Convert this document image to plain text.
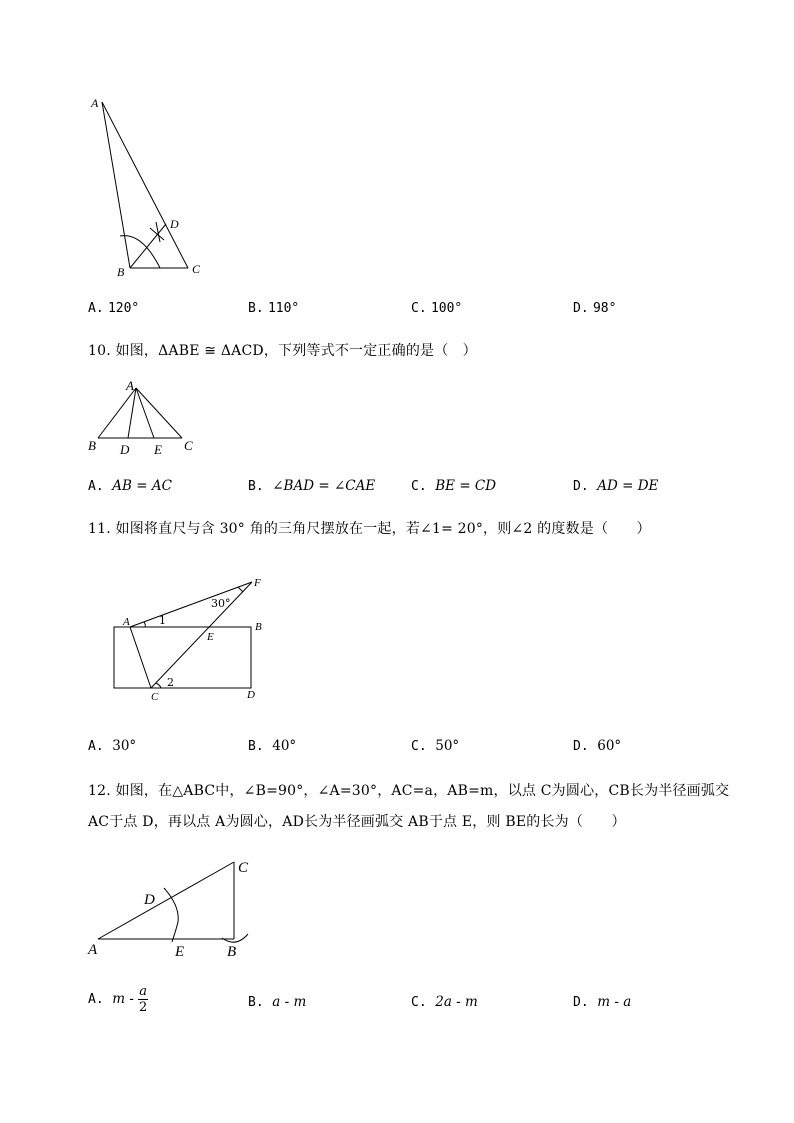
A
B	C
D
A. 120°	B. 110°	C. 100°	D. 98°
10. 如图，ΔABE ≅ ΔACD，下列等式不一定正确的是（　）
A
B	C
D E
A. AB = AC	B. ∠BAD = ∠CAE	C. BE = CD	D. AD = DE
11. 如图将直尺与含 30° 角的三角尺摆放在一起，若∠1= 20°，则∠2 的度数是（　　）
A	B
C	D
E
F
1
2
30°
A. 30°	B. 40°	C. 50°	D. 60°
12. 如图，在△ABC中，∠B=90°，∠A=30°，AC=a，AB=m，以点 C为圆心，CB长为半径画弧交
AC于点 D，再以点 A为圆心，AD长为半径画弧交 AB于点 E，则 BE的长为（　　）
D
C
A	E	B
A. m - $\frac{a}{2}$	B. a - m	C. 2a - m	D. m - a
